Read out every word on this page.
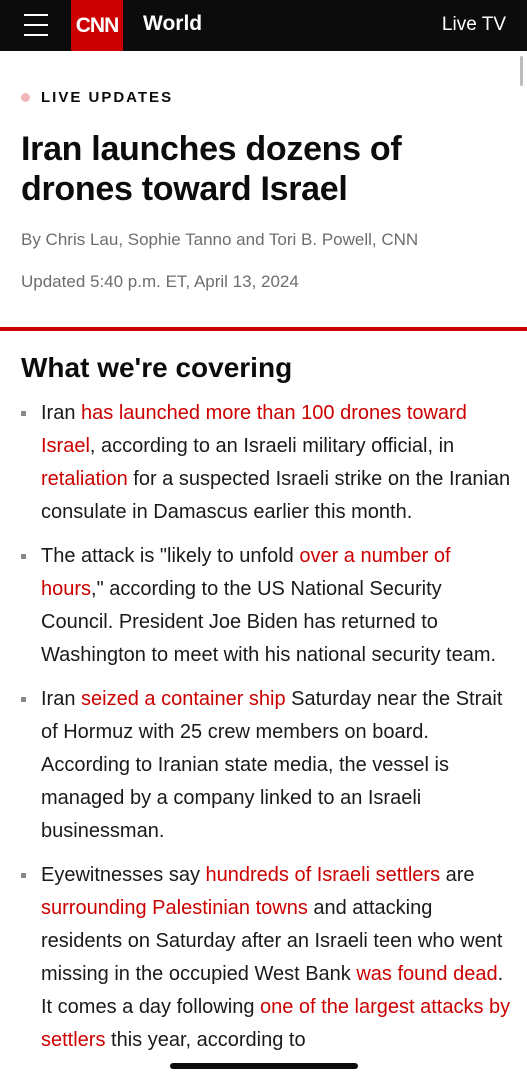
CNN World	Live TV
LIVE UPDATES
Iran launches dozens of drones toward Israel
By Chris Lau, Sophie Tanno and Tori B. Powell, CNN
Updated 5:40 p.m. ET, April 13, 2024
What we're covering
Iran has launched more than 100 drones toward Israel, according to an Israeli military official, in retaliation for a suspected Israeli strike on the Iranian consulate in Damascus earlier this month.
The attack is "likely to unfold over a number of hours," according to the US National Security Council. President Joe Biden has returned to Washington to meet with his national security team.
Iran seized a container ship Saturday near the Strait of Hormuz with 25 crew members on board. According to Iranian state media, the vessel is managed by a company linked to an Israeli businessman.
Eyewitnesses say hundreds of Israeli settlers are surrounding Palestinian towns and attacking residents on Saturday after an Israeli teen who went missing in the occupied West Bank was found dead. It comes a day following one of the largest attacks by settlers this year, according to
